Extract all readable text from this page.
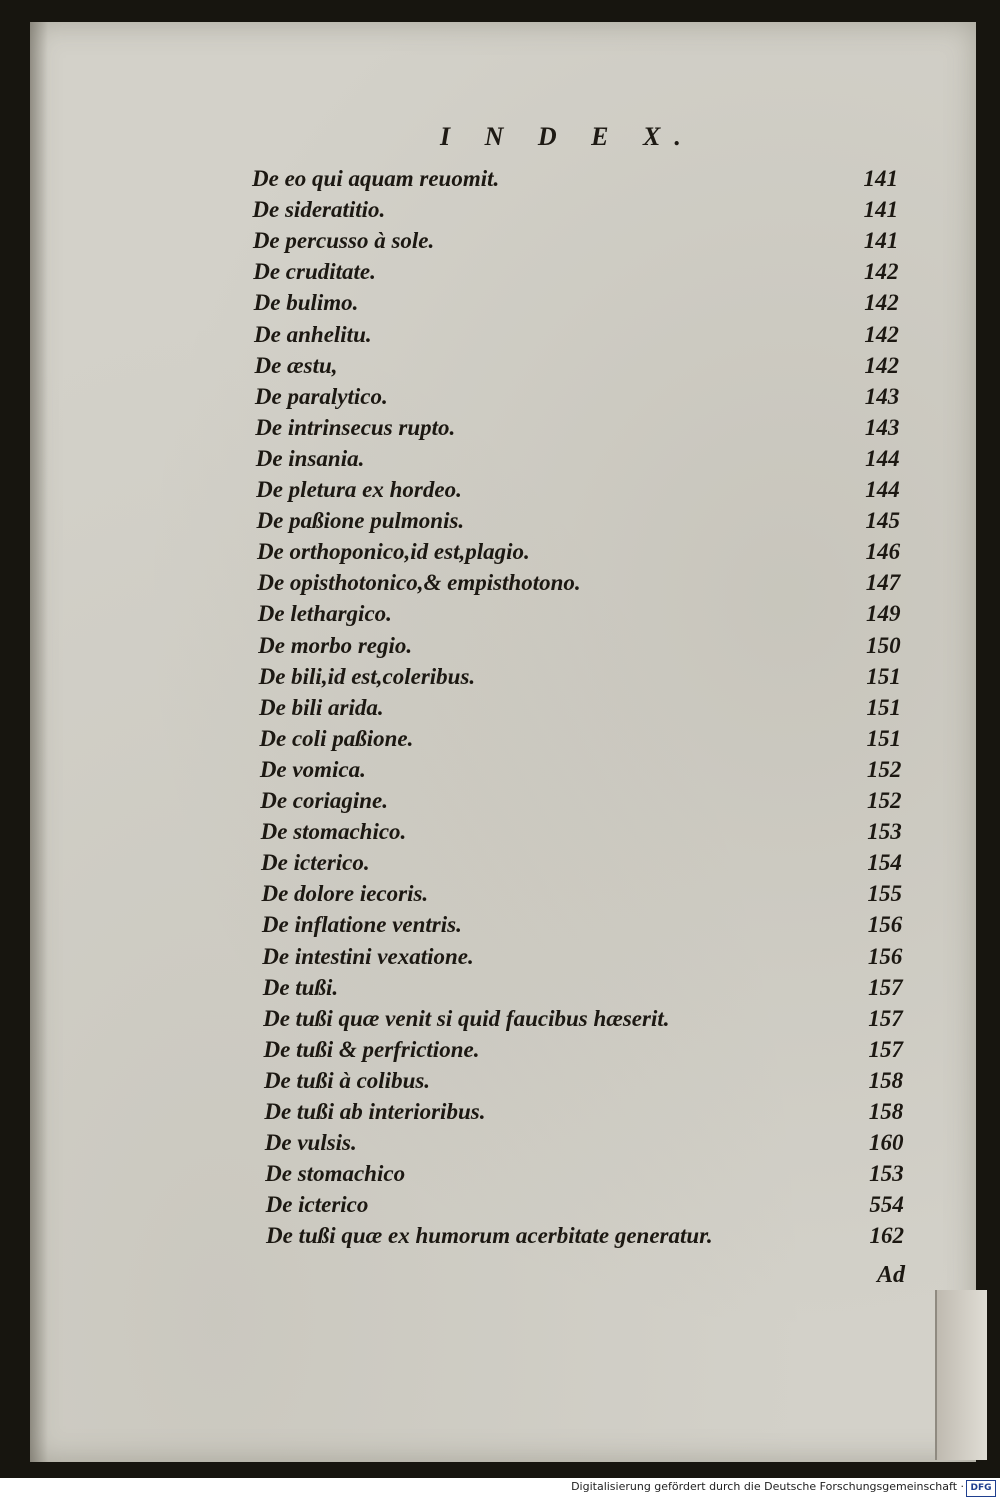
I N D E X.
De eo qui aquam reuomit.	141
De sideratitio.	141
De percusso à sole.	141
De cruditate.	142
De bulimo.	142
De anhelitu.	142
De æstu,	142
De paralytico.	143
De intrinsecus rupto.	143
De insania.	144
De pletura ex hordeo.	144
De paßione pulmonis.	145
De orthoponico,id est,plagio.	146
De opisthotonico,& empisthotono.	147
De lethargico.	149
De morbo regio.	150
De bili,id est,coleribus.	151
De bili arida.	151
De coli paßione.	151
De vomica.	152
De coriagine.	152
De stomachico.	153
De icterico.	154
De dolore iecoris.	155
De inflatione ventris.	156
De intestini vexatione.	156
De tußi.	157
De tußi quæ venit si quid faucibus hæserit.	157
De tußi & perfrictione.	157
De tußi à colibus.	158
De tußi ab interioribus.	158
De vulsis.	160
De stomachico	153
De icterico	554
De tußi quæ ex humorum acerbitate generatur.	162
Ad
Digitalisierung gefördert durch die Deutsche Forschungsgemeinschaft · DFG
